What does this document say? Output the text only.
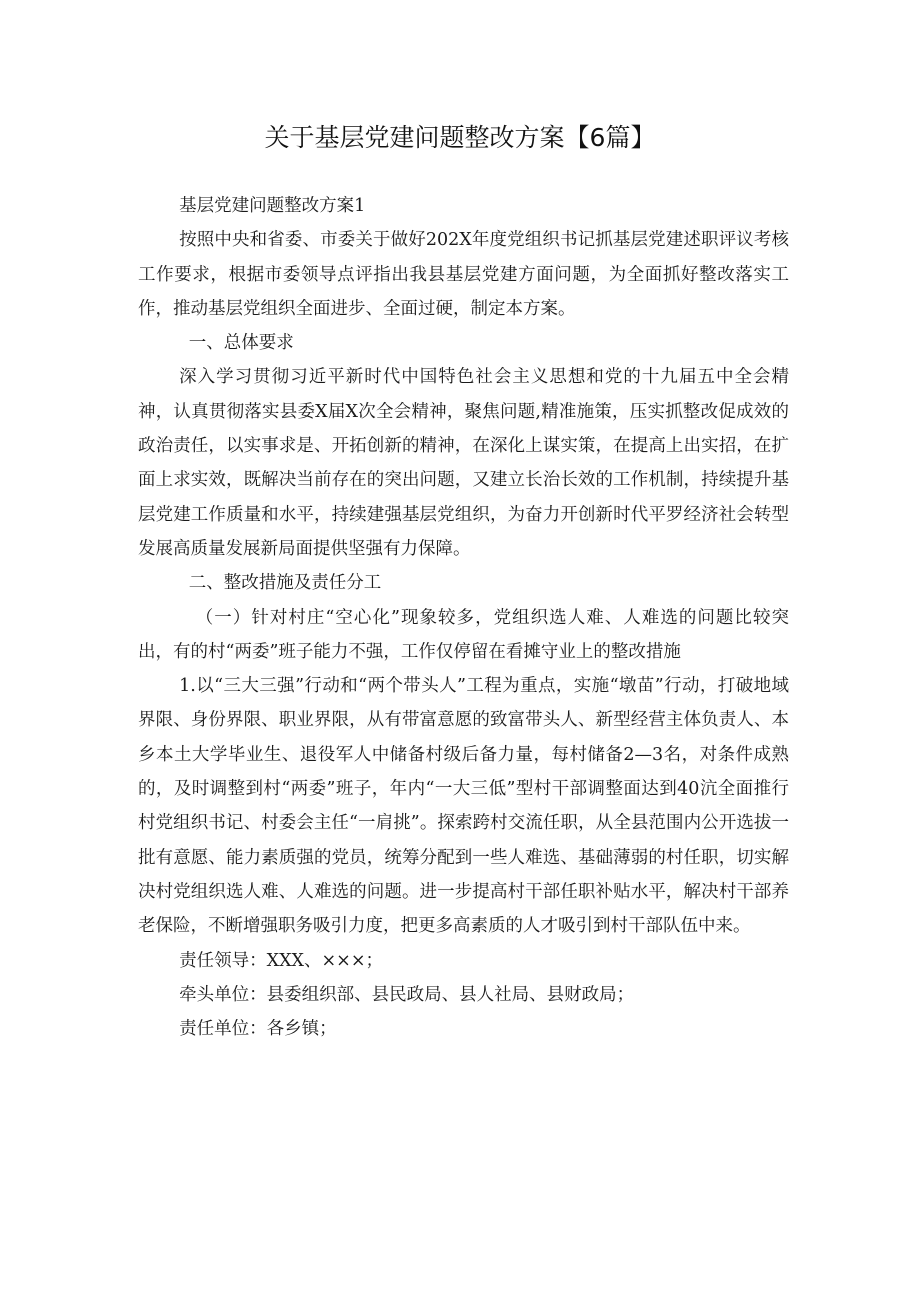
关于基层党建问题整改方案【6篇】

基层党建问题整改方案1

按照中央和省委、市委关于做好202X年度党组织书记抓基层党建述职评议考核工作要求，根据市委领导点评指出我县基层党建方面问题，为全面抓好整改落实工作，推动基层党组织全面进步、全面过硬，制定本方案。

一、总体要求

深入学习贯彻习近平新时代中国特色社会主义思想和党的十九届五中全会精神，认真贯彻落实县委X届X次全会精神，聚焦问题,精准施策，压实抓整改促成效的政治责任，以实事求是、开拓创新的精神，在深化上谋实策，在提高上出实招，在扩面上求实效，既解决当前存在的突出问题，又建立长治长效的工作机制，持续提升基层党建工作质量和水平，持续建强基层党组织，为奋力开创新时代平罗经济社会转型发展高质量发展新局面提供坚强有力保障。

二、整改措施及责任分工

（一）针对村庄“空心化”现象较多，党组织选人难、人难选的问题比较突出，有的村“两委”班子能力不强，工作仅停留在看摊守业上的整改措施

1.以“三大三强”行动和“两个带头人”工程为重点，实施“墩苗”行动，打破地域界限、身份界限、职业界限，从有带富意愿的致富带头人、新型经营主体负责人、本乡本土大学毕业生、退役军人中储备村级后备力量，每村储备2—3名，对条件成熟的，及时调整到村“两委”班子，年内“一大三低”型村干部调整面达到40沆全面推行村党组织书记、村委会主任“一肩挑”。探索跨村交流任职，从全县范围内公开选拔一批有意愿、能力素质强的党员，统筹分配到一些人难选、基础薄弱的村任职，切实解决村党组织选人难、人难选的问题。进一步提高村干部任职补贴水平，解决村干部养老保险，不断增强职务吸引力度，把更多高素质的人才吸引到村干部队伍中来。

责任领导：XXX、×××；

牵头单位：县委组织部、县民政局、县人社局、县财政局；

责任单位：各乡镇；
